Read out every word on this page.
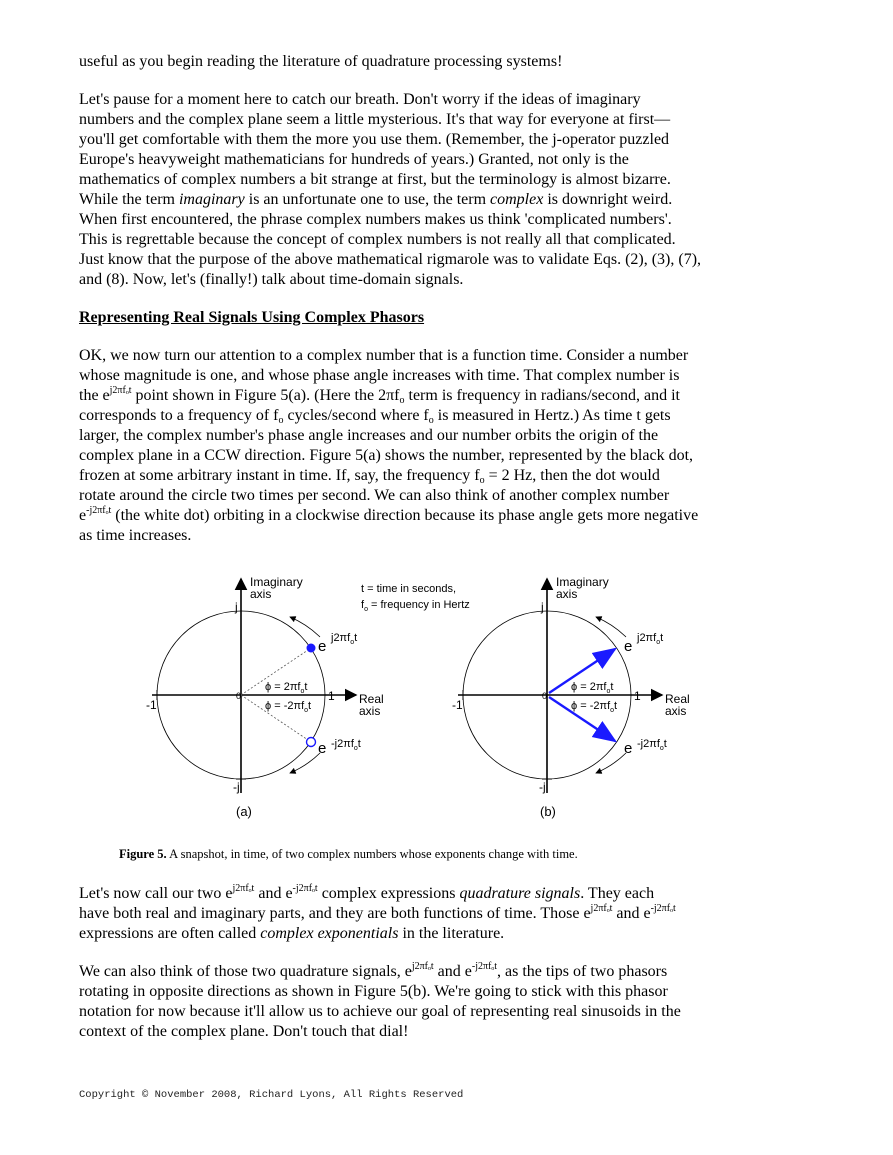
useful as you begin reading the literature of quadrature processing systems!

Let's pause for a moment here to catch our breath. Don't worry if the ideas of imaginary

numbers and the complex plane seem a little mysterious. It's that way for everyone at first—

you'll get comfortable with them the more you use them. (Remember, the j-operator puzzled

Europe's heavyweight mathematicians for hundreds of years.) Granted, not only is the

mathematics of complex numbers a bit strange at first, but the terminology is almost bizarre.

While the term imaginary is an unfortunate one to use, the term complex is downright weird.

When first encountered, the phrase complex numbers makes us think 'complicated numbers'.

This is regrettable because the concept of complex numbers is not really all that complicated.

Just know that the purpose of the above mathematical rigmarole was to validate Eqs. (2), (3), (7),

and (8). Now, let's (finally!) talk about time-domain signals.

Representing Real Signals Using Complex Phasors

OK, we now turn our attention to a complex number that is a function time. Consider a number

whose magnitude is one, and whose phase angle increases with time. That complex number is

the $e^{j2\pi f_ot}$ point shown in Figure 5(a). (Here the $2\pi f_o$ term is frequency in radians/second, and it

corresponds to a frequency of $f_o$ cycles/second where $f_o$ is measured in Hertz.) As time t gets

larger, the complex number's phase angle increases and our number orbits the origin of the

complex plane in a CCW direction. Figure 5(a) shows the number, represented by the black dot,

frozen at some arbitrary instant in time. If, say, the frequency $f_o = 2$ Hz, then the dot would

rotate around the circle two times per second. We can also think of another complex number

$e^{-j2\pi f_ot}$ (the white dot) orbiting in a clockwise direction because its phase angle gets more negative

as time increases.

Imaginary
axis
j
-j
-1
1
0	Real
axis
e $j2\pi f_ot$
e $-j2\pi f_ot$
$\phi = 2\pi f_ot$
$\phi = -2\pi f_ot$
(a)
t = time in seconds,
$f_o$ = frequency in Hertz
Imaginary
axis
j
-j
-1
1
0	Real
axis
e $j2\pi f_ot$
e $-j2\pi f_ot$
$\phi = 2\pi f_ot$
$\phi = -2\pi f_ot$
(b)
Figure 5. A snapshot, in time, of two complex numbers whose exponents change with time.

Let's now call our two $e^{j2\pi f_ot}$ and $e^{-j2\pi f_ot}$ complex expressions quadrature signals. They each

have both real and imaginary parts, and they are both functions of time. Those $e^{j2\pi f_ot}$ and $e^{-j2\pi f_ot}$

expressions are often called complex exponentials in the literature.

We can also think of those two quadrature signals, $e^{j2\pi f_ot}$ and $e^{-j2\pi f_ot}$, as the tips of two phasors

rotating in opposite directions as shown in Figure 5(b). We're going to stick with this phasor

notation for now because it'll allow us to achieve our goal of representing real sinusoids in the

context of the complex plane. Don't touch that dial!

Copyright © November 2008, Richard Lyons, All Rights Reserved
